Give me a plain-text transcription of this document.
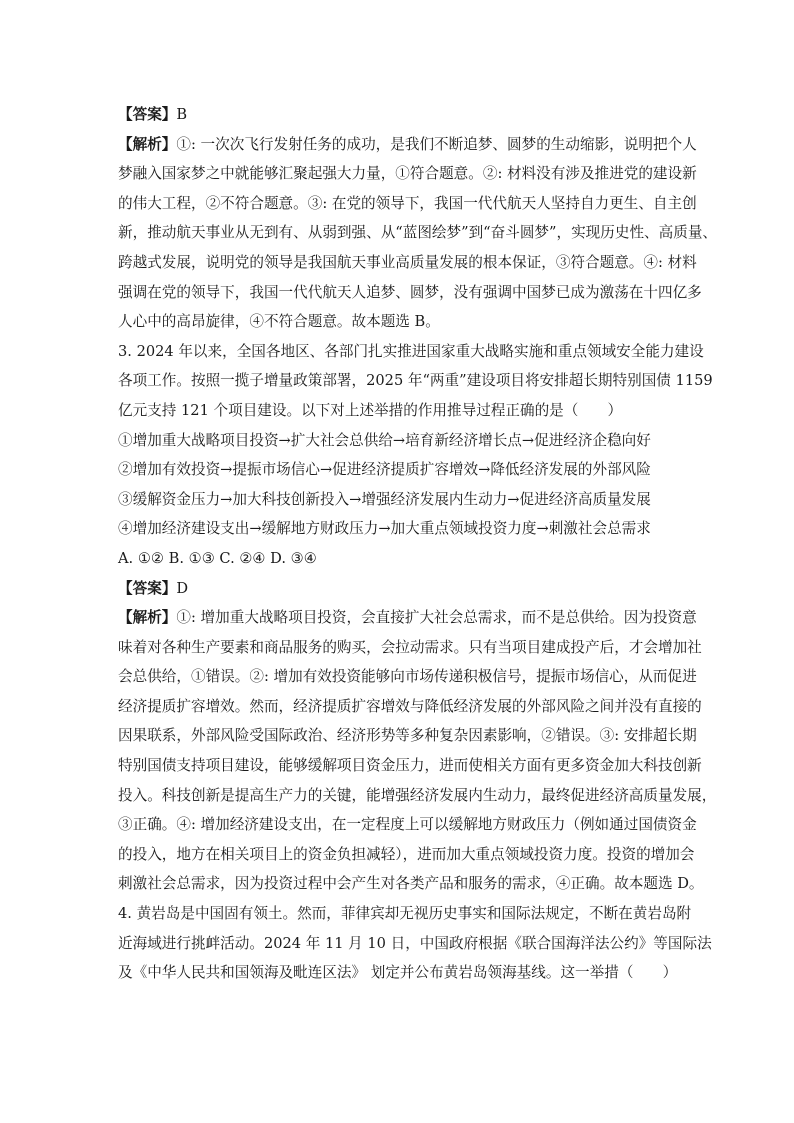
【答案】B
【解析】①: 一次次飞行发射任务的成功，是我们不断追梦、圆梦的生动缩影，说明把个人
梦融入国家梦之中就能够汇聚起强大力量，①符合题意。②: 材料没有涉及推进党的建设新
的伟大工程，②不符合题意。③: 在党的领导下，我国一代代航天人坚持自力更生、自主创
新，推动航天事业从无到有、从弱到强、从“蓝图绘梦”到“奋斗圆梦”，实现历史性、高质量、
跨越式发展，说明党的领导是我国航天事业高质量发展的根本保证，③符合题意。④: 材料
强调在党的领导下，我国一代代航天人追梦、圆梦，没有强调中国梦已成为激荡在十四亿多
人心中的高昂旋律，④不符合题意。故本题选 B。
3. 2024 年以来，全国各地区、各部门扎实推进国家重大战略实施和重点领域安全能力建设
各项工作。按照一揽子增量政策部署，2025 年“两重”建设项目将安排超长期特别国债 1159
亿元支持 121 个项目建设。以下对上述举措的作用推导过程正确的是（　　）
①增加重大战略项目投资→扩大社会总供给→培育新经济增长点→促进经济企稳向好
②增加有效投资→提振市场信心→促进经济提质扩容增效→降低经济发展的外部风险
③缓解资金压力→加大科技创新投入→增强经济发展内生动力→促进经济高质量发展
④增加经济建设支出→缓解地方财政压力→加大重点领域投资力度→刺激社会总需求
A. ①② B. ①③ C. ②④ D. ③④
【答案】D
【解析】①: 增加重大战略项目投资，会直接扩大社会总需求，而不是总供给。因为投资意
味着对各种生产要素和商品服务的购买，会拉动需求。只有当项目建成投产后，才会增加社
会总供给，①错误。②: 增加有效投资能够向市场传递积极信号，提振市场信心，从而促进
经济提质扩容增效。然而，经济提质扩容增效与降低经济发展的外部风险之间并没有直接的
因果联系，外部风险受国际政治、经济形势等多种复杂因素影响，②错误。③: 安排超长期
特别国债支持项目建设，能够缓解项目资金压力，进而使相关方面有更多资金加大科技创新
投入。科技创新是提高生产力的关键，能增强经济发展内生动力，最终促进经济高质量发展，
③正确。④: 增加经济建设支出，在一定程度上可以缓解地方财政压力（例如通过国债资金
的投入，地方在相关项目上的资金负担减轻），进而加大重点领域投资力度。投资的增加会
刺激社会总需求，因为投资过程中会产生对各类产品和服务的需求，④正确。故本题选 D。
4. 黄岩岛是中国固有领土。然而，菲律宾却无视历史事实和国际法规定，不断在黄岩岛附
近海域进行挑衅活动。2024 年 11 月 10 日，中国政府根据《联合国海洋法公约》等国际法
及《中华人民共和国领海及毗连区法》 划定并公布黄岩岛领海基线。这一举措（　　）
